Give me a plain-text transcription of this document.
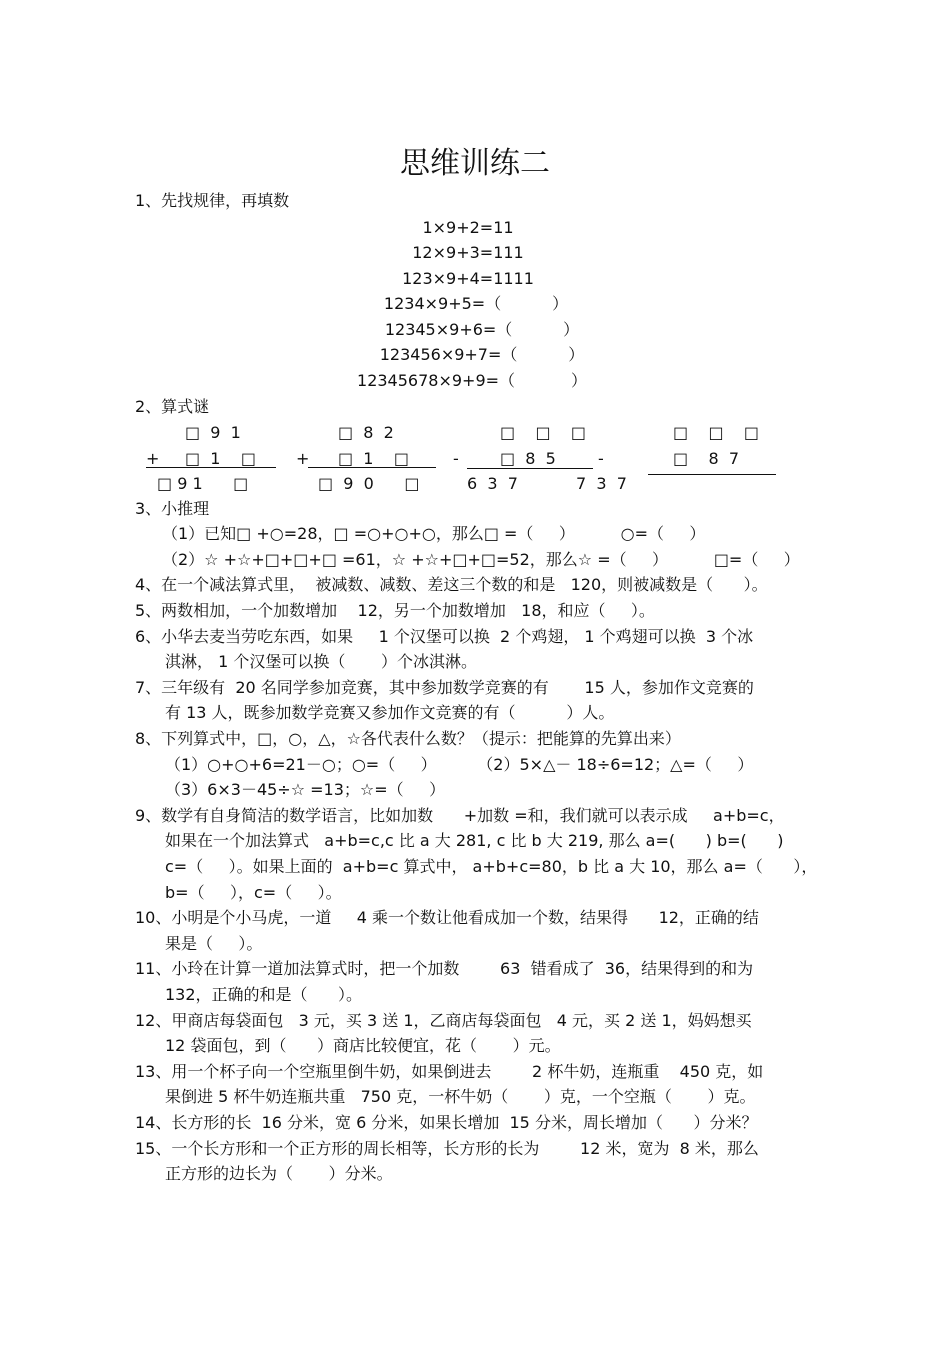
思维训练二
1、先找规律，再填数
1×9+2=11
12×9+3=111
123×9+4=1111
1234×9+5=（          ）
12345×9+6=（          ）
123456×9+7=（          ）
12345678×9+9=（           ）
2、算式谜
□  9  1
+ □  1    □
□ 9 1      □
□  8  2
+ □  1    □
□  9  0      □
□    □    □
-	□  8  5
6  3  7
□    □    □
-	□    8  7
7  3  7
3、小推理
（1）已知□ +○=28，□ =○+○+○，那么□ =（     ）         ○=（     ）
（2）☆ +☆+□+□+□ =61，☆ +☆+□+□=52，那么☆ =（     ）         □=（     ）
4、在一个减法算式里，  被减数、减数、差这三个数的和是   120，则被减数是（      ）。
5、两数相加，一个加数增加    12，另一个加数增加   18，和应（     ）。
6、小华去麦当劳吃东西，如果     1 个汉堡可以换  2 个鸡翅， 1 个鸡翅可以换  3 个冰
淇淋， 1 个汉堡可以换（       ）个冰淇淋。
7、三年级有  20 名同学参加竞赛，其中参加数学竞赛的有       15 人，参加作文竞赛的
有 13 人，既参加数学竞赛又参加作文竞赛的有（          ）人。
8、下列算式中，□，○，△，☆各代表什么数？（提示：把能算的先算出来）
（1）○+○+6=21－○；○=（     ）        （2）5×△－ 18÷6=12；△=（     ）
（3）6×3－45÷☆ =13；☆=（     ）
9、数学有自身简洁的数学语言，比如加数      +加数 =和，我们就可以表示成     a+b=c，
如果在一个加法算式   a+b=c,c 比 a 大 281, c 比 b 大 219, 那么 a=(      ) b=(      )
c=（     ）。如果上面的  a+b=c 算式中， a+b+c=80，b 比 a 大 10，那么 a=（      ），
b=（     ），c=（     ）。
10、小明是个小马虎，一道     4 乘一个数让他看成加一个数，结果得      12，正确的结
果是（     ）。
11、小玲在计算一道加法算式时，把一个加数        63  错看成了  36，结果得到的和为
132，正确的和是（      ）。
12、甲商店每袋面包   3 元，买 3 送 1，乙商店每袋面包   4 元，买 2 送 1，妈妈想买
12 袋面包，到（      ）商店比较便宜，花（       ）元。
13、用一个杯子向一个空瓶里倒牛奶，如果倒进去        2 杯牛奶，连瓶重    450 克，如
果倒进 5 杯牛奶连瓶共重   750 克，一杯牛奶（       ）克，一个空瓶（       ）克。
14、长方形的长  16 分米，宽 6 分米，如果长增加  15 分米，周长增加（      ）分米？
15、一个长方形和一个正方形的周长相等，长方形的长为        12 米，宽为  8 米，那么
正方形的边长为（       ）分米。
